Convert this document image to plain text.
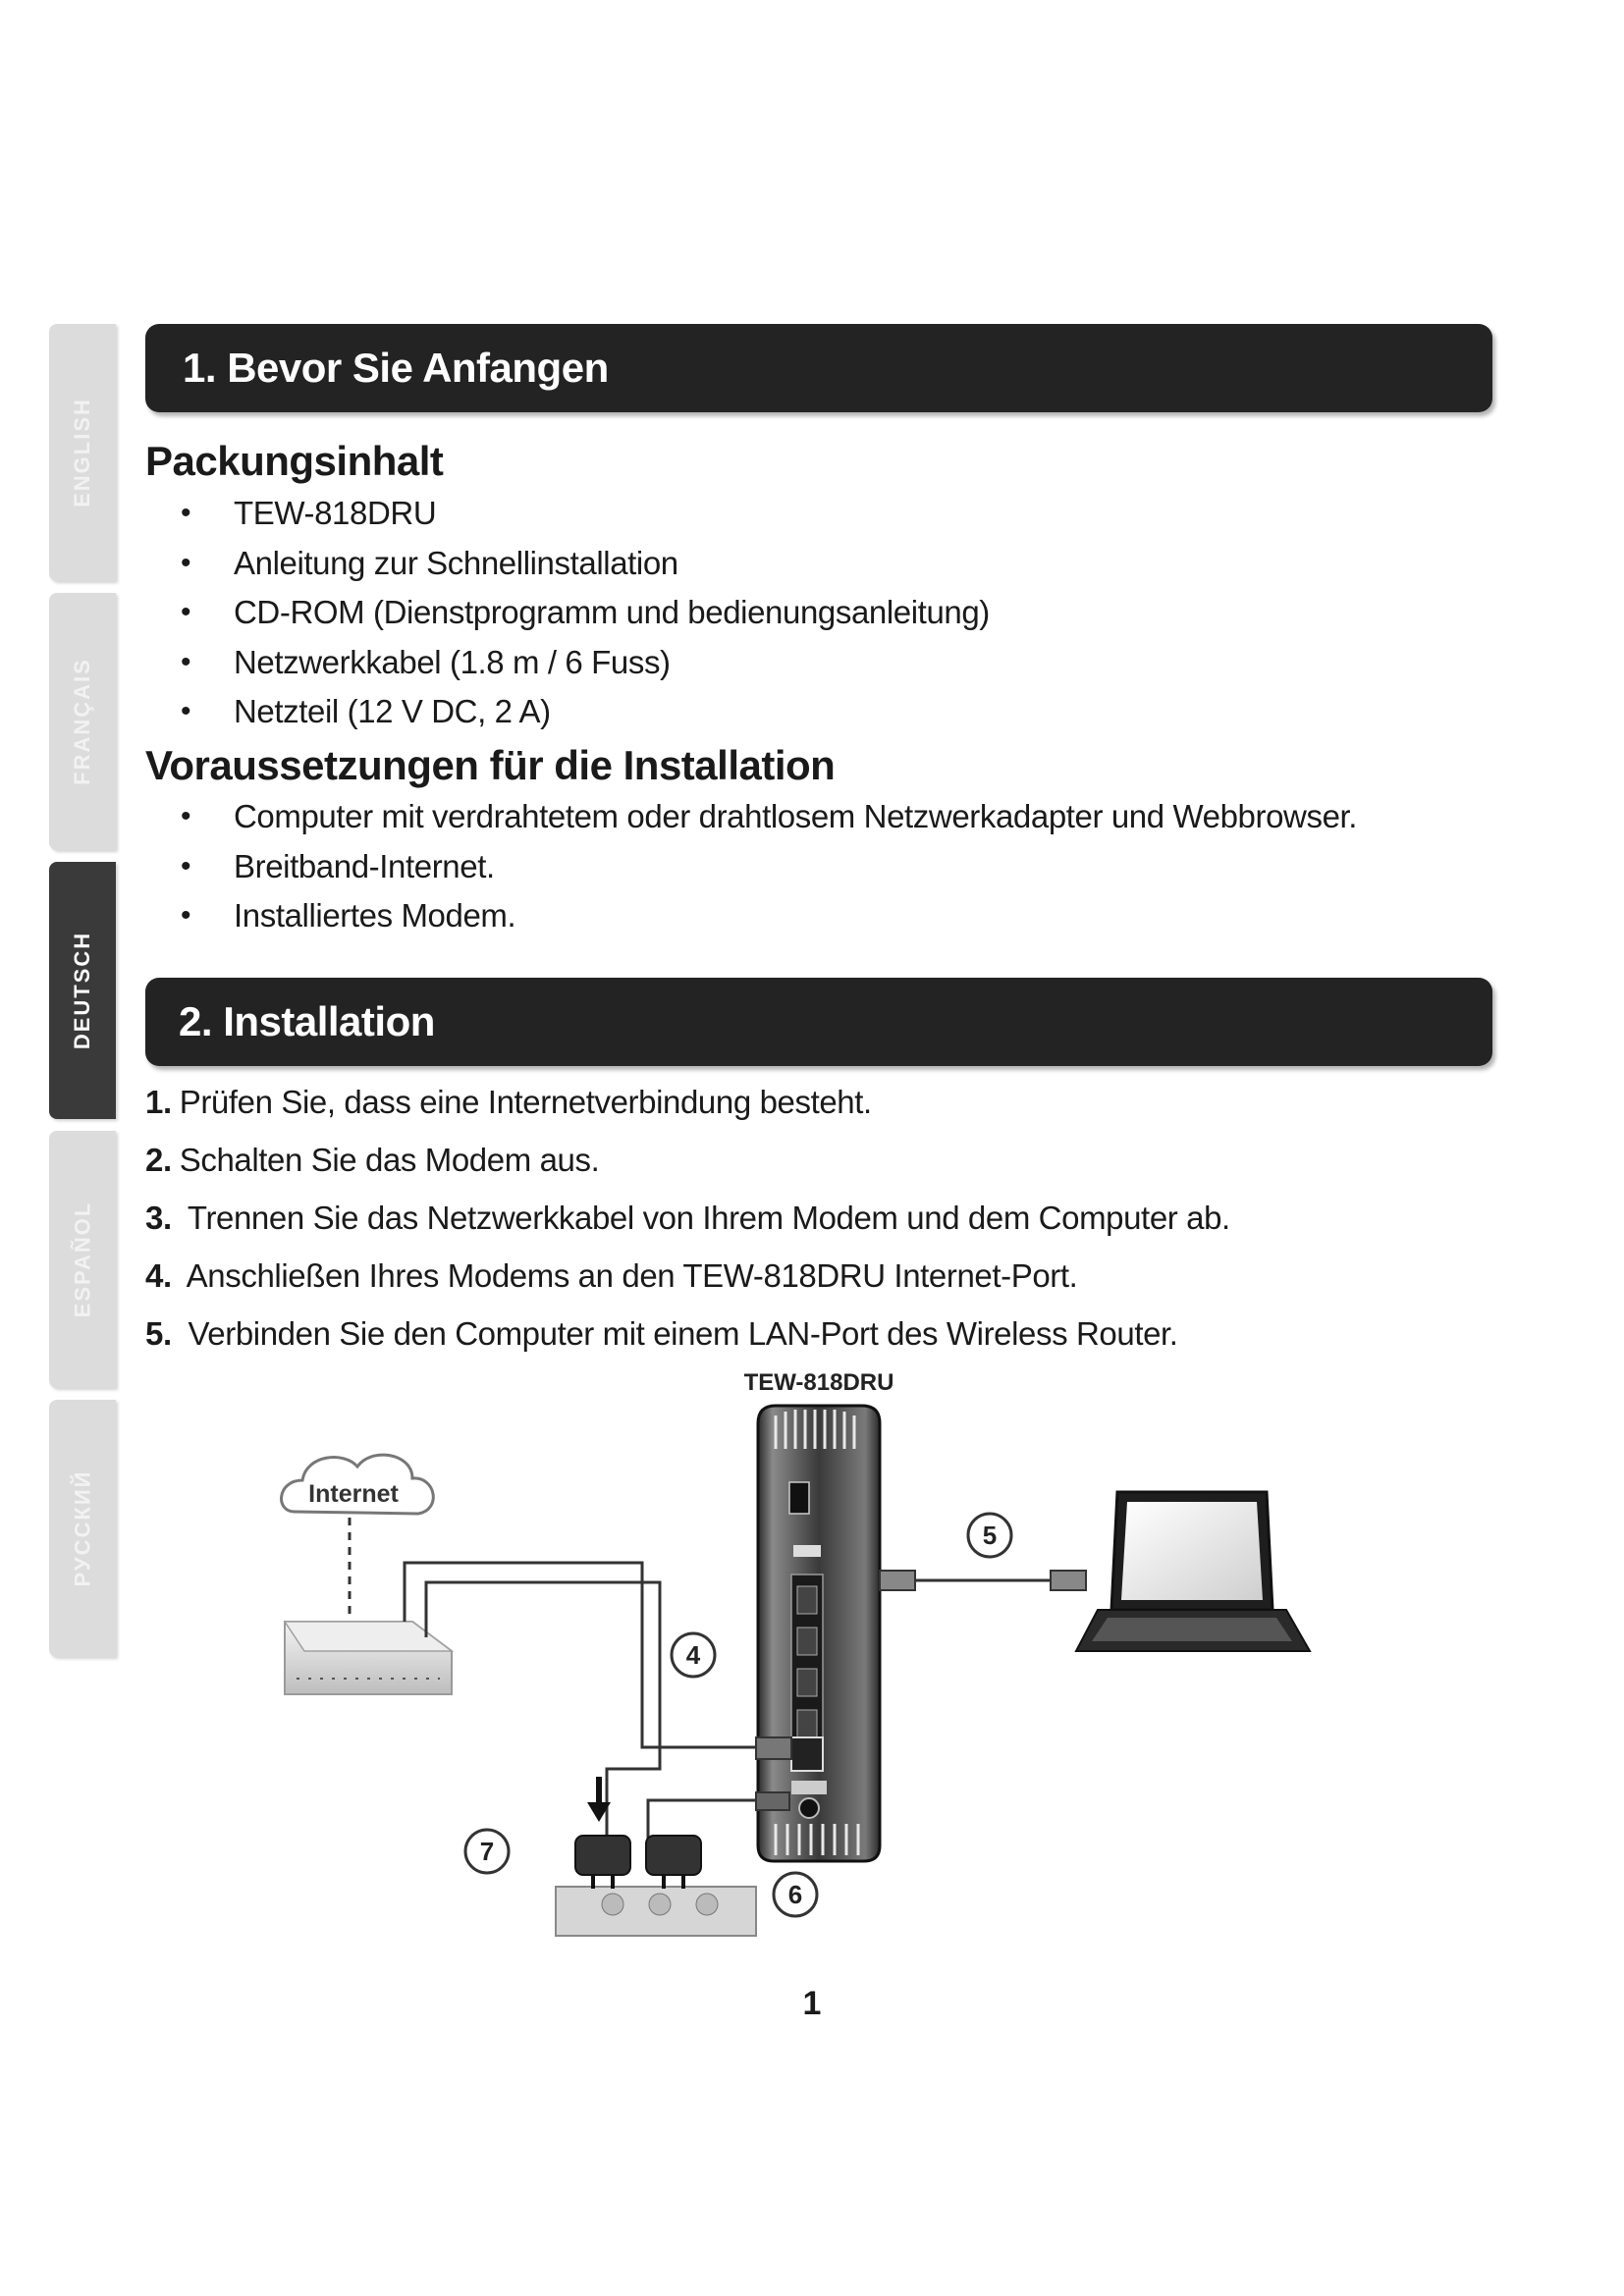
ENGLISH
FRANÇAIS
DEUTSCH
ESPAÑOL
РУССКИЙ
1. Bevor Sie Anfangen
Packungsinhalt
• TEW-818DRU
• Anleitung zur Schnellinstallation
• CD-ROM (Dienstprogramm und bedienungsanleitung)
• Netzwerkkabel (1.8 m / 6 Fuss)
• Netzteil (12 V DC, 2 A)
Voraussetzungen für die Installation
• Computer mit verdrahtetem oder drahtlosem Netzwerkadapter und Webbrowser.
• Breitband-Internet.
• Installiertes Modem.
2. Installation
1. Prüfen Sie, dass eine Internetverbindung besteht.
2. Schalten Sie das Modem aus.
3. Trennen Sie das Netzwerkkabel von Ihrem Modem und dem Computer ab.
4. Anschließen Ihres Modems an den TEW-818DRU Internet-Port.
5. Verbinden Sie den Computer mit einem LAN-Port des Wireless Router.
TEW-818DRU
Internet
4
5
6
7
1
